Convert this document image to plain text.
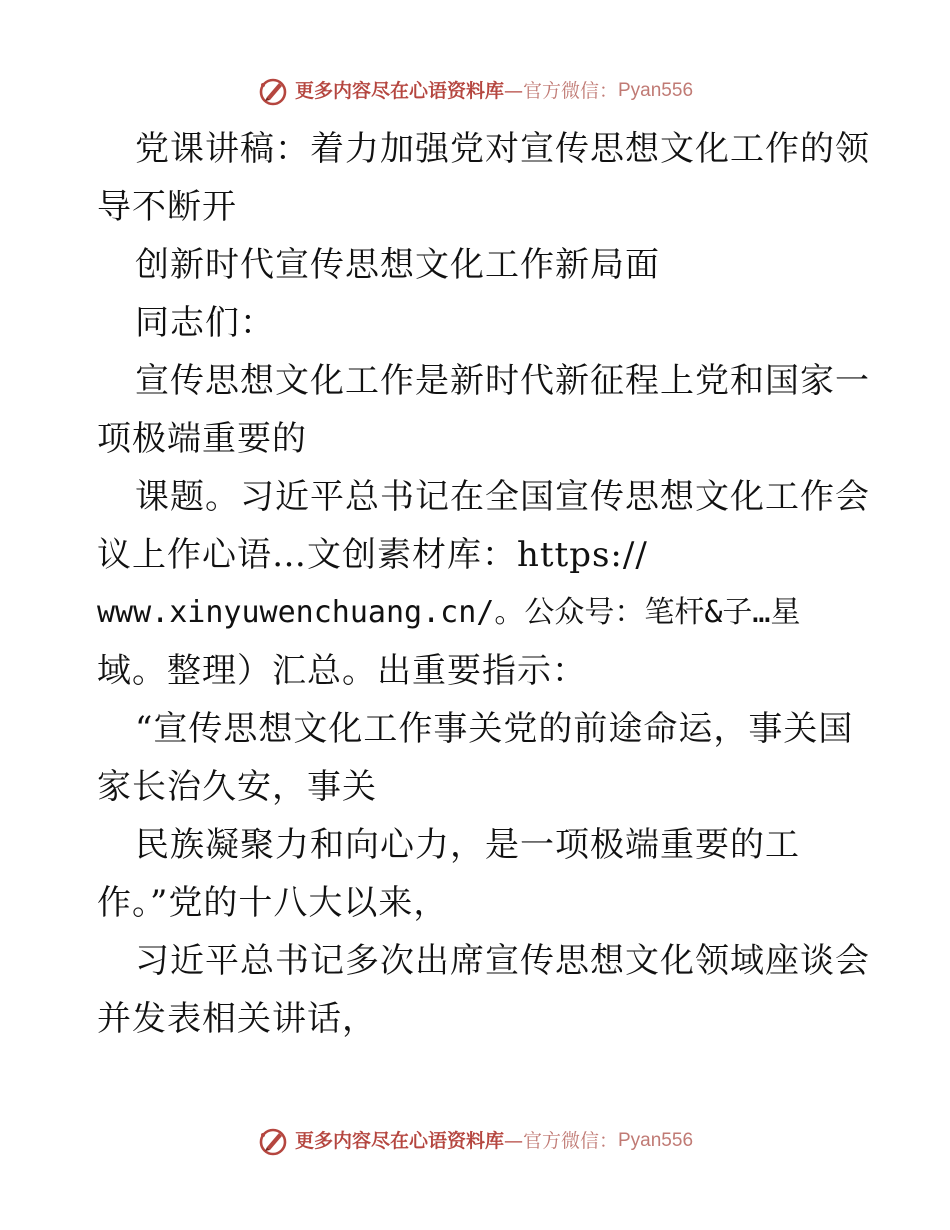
更多内容尽在心语资料库—官方微信：Pyan556
党课讲稿：着力加强党对宣传思想文化工作的领
导不断开
创新时代宣传思想文化工作新局面
同志们：
宣传思想文化工作是新时代新征程上党和国家一
项极端重要的
课题。习近平总书记在全国宣传思想文化工作会
议上作心语…文创素材库：https://
www.xinyuwenchuang.cn/。公众号：笔杆&子…星
域。整理）汇总。出重要指示：
“宣传思想文化工作事关党的前途命运，事关国
家长治久安，事关
民族凝聚力和向心力，是一项极端重要的工
作。”党的十八大以来，
习近平总书记多次出席宣传思想文化领域座谈会
并发表相关讲话，
更多内容尽在心语资料库—官方微信：Pyan556
